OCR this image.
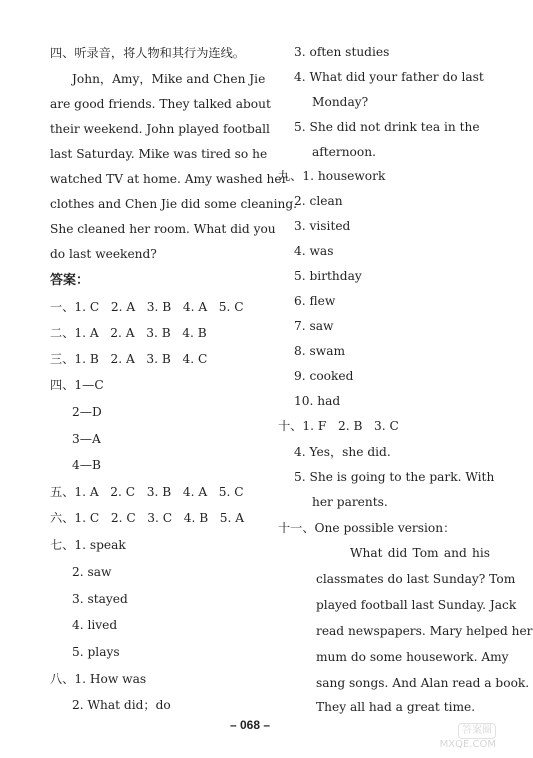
四、听录音，将人物和其行为连线。
John，Amy，Mike and Chen Jie
are good friends. They talked about
their weekend. John played football
last Saturday. Mike was tired so he
watched TV at home. Amy washed her
clothes and Chen Jie did some cleaning.
She cleaned her room. What did you
do last weekend?
答案：
一、1. C   2. A   3. B   4. A   5. C
二、1. A   2. A   3. B   4. B
三、1. B   2. A   3. B   4. C
四、1—C
2—D
3—A
4—B
五、1. A   2. C   3. B   4. A   5. C
六、1. C   2. C   3. C   4. B   5. A
七、1. speak
2. saw
3. stayed
4. lived
5. plays
八、1. How was
2. What did；do
3. often studies
4. What did your father do last
Monday?
5. She did not drink tea in the
afternoon.
九、1. housework
2. clean
3. visited
4. was
5. birthday
6. flew
7. saw
8. swam
9. cooked
10. had
十、1. F   2. B   3. C
4. Yes，she did.
5. She is going to the park. With
her parents.
十一、One possible version：
What did Tom and his
classmates do last Sunday? Tom
played football last Sunday. Jack
read newspapers. Mary helped her
mum do some housework. Amy
sang songs. And Alan read a book.
They all had a great time.
– 068 –	答案圈
MXQE.COM
